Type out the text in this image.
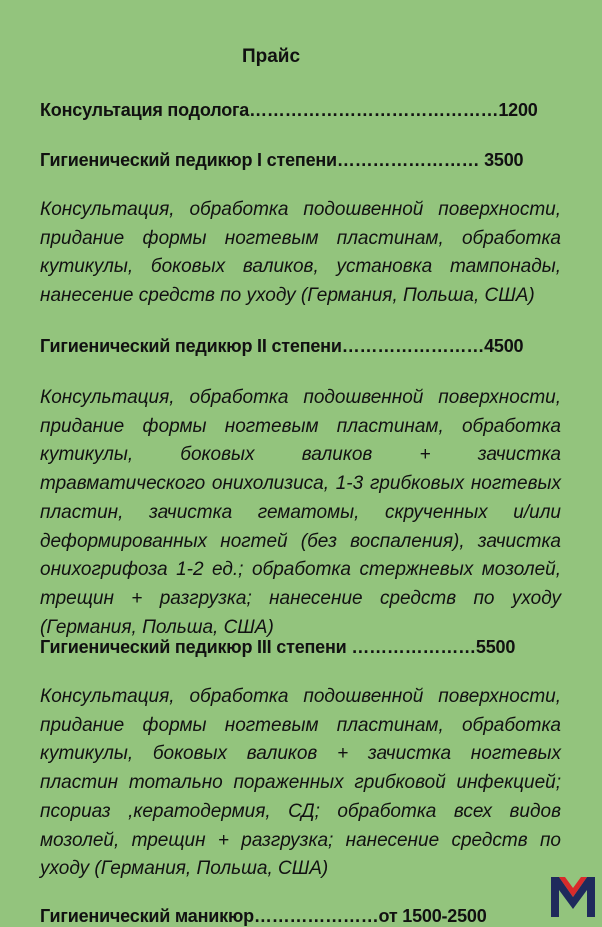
Прайс
Консультация подолога……………………………………1200
Гигиенический педикюр I степени…………………… 3500
Консультация, обработка подошвенной поверхности, придание формы ногтевым пластинам, обработка кутикулы, боковых валиков, установка тампонады, нанесение средств по уходу (Германия, Польша, США)
Гигиенический педикюр II степени……………………4500
Консультация, обработка подошвенной поверхности, придание формы ногтевым пластинам, обработка кутикулы, боковых валиков + зачистка травматического онихолизиса, 1-3 грибковых ногтевых пластин, зачистка гематомы, скрученных и/или деформированных ногтей (без воспаления), зачистка онихогрифоза 1-2 ед.; обработка стержневых мозолей, трещин + разгрузка; нанесение средств по уходу (Германия, Польша, США)
Гигиенический педикюр III степени …………………5500
Консультация, обработка подошвенной поверхности, придание формы ногтевым пластинам, обработка кутикулы, боковых валиков + зачистка ногтевых пластин тотально пораженных грибковой инфекцией; псориаз ,кератодермия, СД; обработка всех видов мозолей, трещин + разгрузка; нанесение средств по уходу (Германия, Польша, США)
Гигиенический маникюр…………………от 1500-2500
